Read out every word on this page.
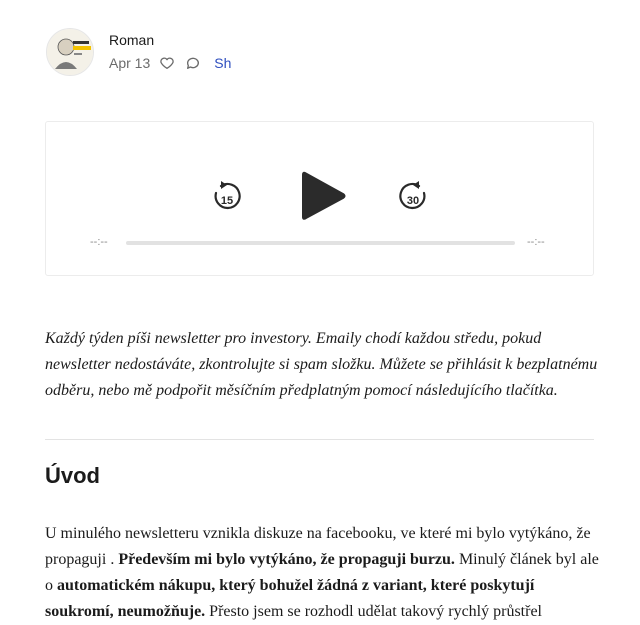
Roman
Apr 13	Sh
15	30
--:--	--:--

Každý týden píši newsletter pro investory. Emaily chodí každou středu, pokud newsletter nedostáváte, zkontrolujte si spam složku. Můžete se přihlásit k bezplatnému odběru, nebo mě podpořit měsíčním předplatným pomocí následujícího tlačítka.

Úvod

U minulého newsletteru vznikla diskuze na facebooku, ve které mi bylo vytýkáno, že propaguji . Především mi bylo vytýkáno, že propaguji burzu. Minulý článek byl ale o automatickém nákupu, který bohužel žádná z variant, které poskytují soukromí, neumožňuje. Přesto jsem se rozhodl udělat takový rychlý průstřel
